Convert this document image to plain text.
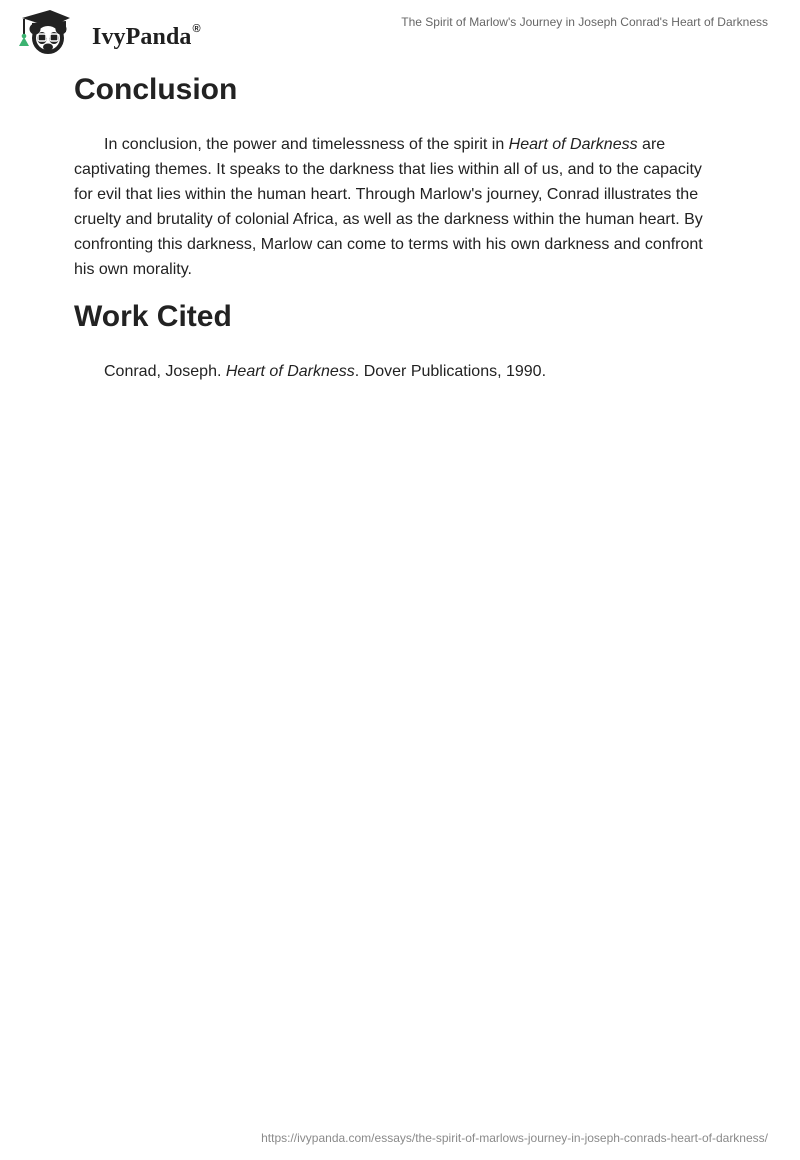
IvyPanda®	The Spirit of Marlow's Journey in Joseph Conrad's Heart of Darkness
Conclusion

In conclusion, the power and timelessness of the spirit in Heart of Darkness are captivating themes. It speaks to the darkness that lies within all of us, and to the capacity for evil that lies within the human heart. Through Marlow's journey, Conrad illustrates the cruelty and brutality of colonial Africa, as well as the darkness within the human heart. By confronting this darkness, Marlow can come to terms with his own darkness and confront his own morality.

Work Cited

Conrad, Joseph. Heart of Darkness. Dover Publications, 1990.

https://ivypanda.com/essays/the-spirit-of-marlows-journey-in-joseph-conrads-heart-of-darkness/
